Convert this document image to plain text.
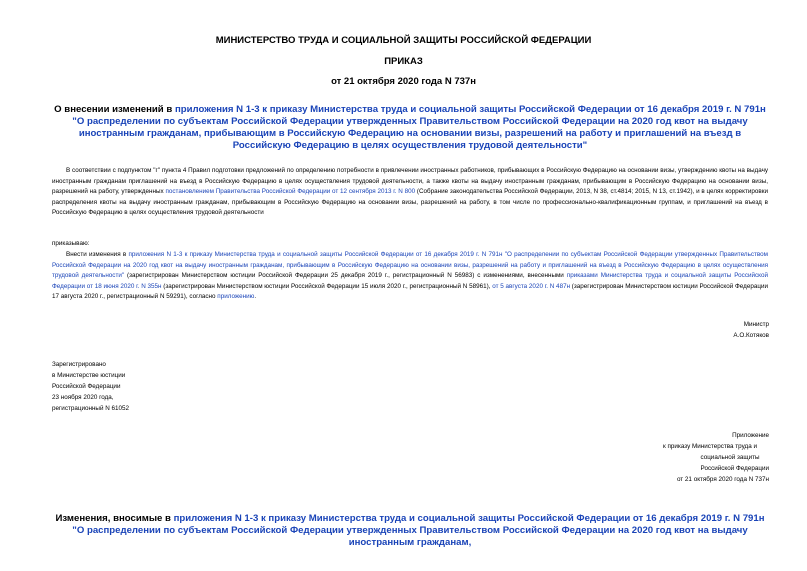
МИНИСТЕРСТВО ТРУДА И СОЦИАЛЬНОЙ ЗАЩИТЫ РОССИЙСКОЙ ФЕДЕРАЦИИ
ПРИКАЗ
от 21 октября 2020 года N 737н
О внесении изменений в приложения N 1-3 к приказу Министерства труда и социальной защиты Российской Федерации от 16 декабря 2019 г. N 791н "О распределении по субъектам Российской Федерации утвержденных Правительством Российской Федерации на 2020 год квот на выдачу иностранным гражданам, прибывающим в Российскую Федерацию на основании визы, разрешений на работу и приглашений на въезд в Российскую Федерацию в целях осуществления трудовой деятельности"
В соответствии с подпунктом "г" пункта 4 Правил подготовки предложений по определению потребности в привлечении иностранных работников, прибывающих в Российскую Федерацию на основании визы, утверждению квоты на выдачу иностранным гражданам приглашений на въезд в Российскую Федерацию в целях осуществления трудовой деятельности, а также квоты на выдачу иностранным гражданам, прибывающим в Российскую Федерацию на основании визы, разрешений на работу, утвержденных постановлением Правительства Российской Федерации от 12 сентября 2013 г. N 800 (Собрание законодательства Российской Федерации, 2013, N 38, ст.4814; 2015, N 13, ст.1942), и в целях корректировки распределения квоты на выдачу иностранным гражданам, прибывающим в Российскую Федерацию на основании визы, разрешений на работу, в том числе по профессионально-квалификационным группам, и приглашений на въезд в Российскую Федерацию в целях осуществления трудовой деятельности
приказываю:
Внести изменения в приложения N 1-3 к приказу Министерства труда и социальной защиты Российской Федерации от 16 декабря 2019 г. N 791н "О распределении по субъектам Российской Федерации утвержденных Правительством Российской Федерации на 2020 год квот на выдачу иностранным гражданам, прибывающим в Российскую Федерацию на основании визы, разрешений на работу и приглашений на въезд в Российскую Федерацию в целях осуществления трудовой деятельности" (зарегистрирован Министерством юстиции Российской Федерации 25 декабря 2019 г., регистрационный N 56983) с изменениями, внесенными приказами Министерства труда и социальной защиты Российской Федерации от 18 июня 2020 г. N 355н (зарегистрирован Министерством юстиции Российской Федерации 15 июля 2020 г., регистрационный N 58961), от 5 августа 2020 г. N 487н (зарегистрирован Министерством юстиции Российской Федерации 17 августа 2020 г., регистрационный N 59291), согласно приложению.
Министр
А.О.Котяков
Зарегистрировано
в Министерстве юстиции
Российской Федерации
23 ноября 2020 года,
регистрационный N 61052
Приложение
к приказу Министерства труда и
социальной защиты
Российской Федерации
от 21 октября 2020 года N 737н
Изменения, вносимые в приложения N 1-3 к приказу Министерства труда и социальной защиты Российской Федерации от 16 декабря 2019 г. N 791н "О распределении по субъектам Российской Федерации утвержденных Правительством Российской Федерации на 2020 год квот на выдачу иностранным гражданам,
